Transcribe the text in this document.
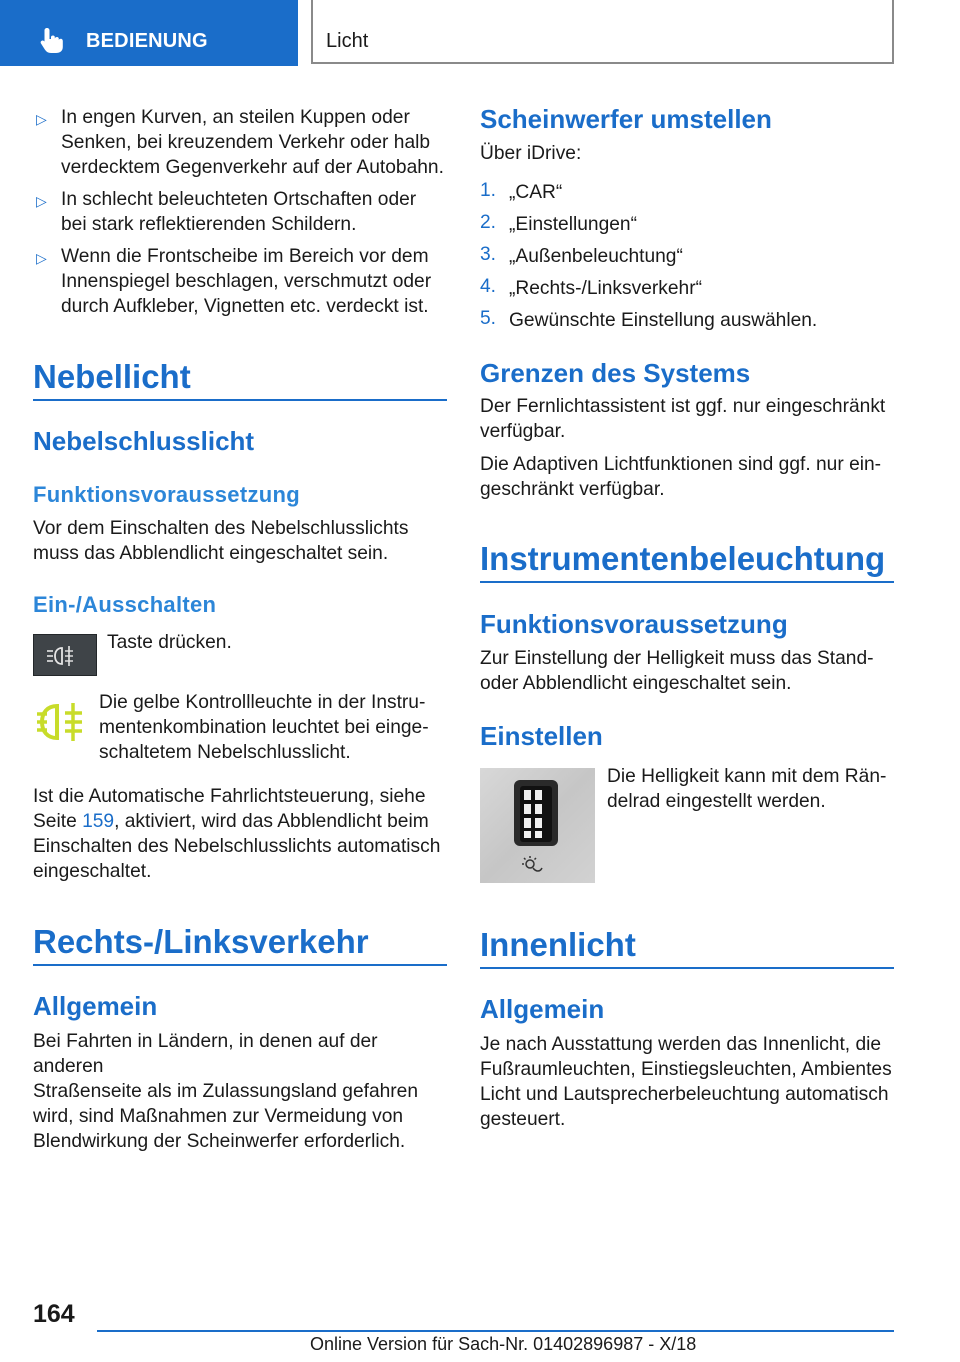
BEDIENUNG	Licht
▷ In engen Kurven, an steilen Kuppen oder
Senken, bei kreuzendem Verkehr oder halb
verdecktem Gegenverkehr auf der Autobahn.
▷ In schlecht beleuchteten Ortschaften oder
bei stark reflektierenden Schildern.
▷ Wenn die Frontscheibe im Bereich vor dem
Innenspiegel beschlagen, verschmutzt oder
durch Aufkleber, Vignetten etc. verdeckt ist.
Nebellicht
Nebelschlusslicht
Funktionsvoraussetzung
Vor dem Einschalten des Nebelschlusslichts
muss das Abblendlicht eingeschaltet sein.
Ein-/Ausschalten
Taste drücken.
Die gelbe Kontrollleuchte in der Instru-
mentenkombination leuchtet bei einge-
schaltetem Nebelschlusslicht.
Ist die Automatische Fahrlichtsteuerung, siehe
Seite 159, aktiviert, wird das Abblendlicht beim
Einschalten des Nebelschlusslichts automatisch
eingeschaltet.
Rechts-/Linksverkehr
Allgemein
Bei Fahrten in Ländern, in denen auf der anderen
Straßenseite als im Zulassungsland gefahren
wird, sind Maßnahmen zur Vermeidung von
Blendwirkung der Scheinwerfer erforderlich.
Scheinwerfer umstellen
Über iDrive:
1. „CAR“
2. „Einstellungen“
3. „Außenbeleuchtung“
4. „Rechts-/Linksverkehr“
5. Gewünschte Einstellung auswählen.
Grenzen des Systems
Der Fernlichtassistent ist ggf. nur eingeschränkt
verfügbar.
Die Adaptiven Lichtfunktionen sind ggf. nur ein-
geschränkt verfügbar.
Instrumentenbeleuchtung
Funktionsvoraussetzung
Zur Einstellung der Helligkeit muss das Stand-
oder Abblendlicht eingeschaltet sein.
Einstellen
Die Helligkeit kann mit dem Rän-
delrad eingestellt werden.
Innenlicht
Allgemein
Je nach Ausstattung werden das Innenlicht, die
Fußraumleuchten, Einstiegsleuchten, Ambientes
Licht und Lautsprecherbeleuchtung automatisch
gesteuert.
164
Online Version für Sach-Nr. 01402896987 - X/18
